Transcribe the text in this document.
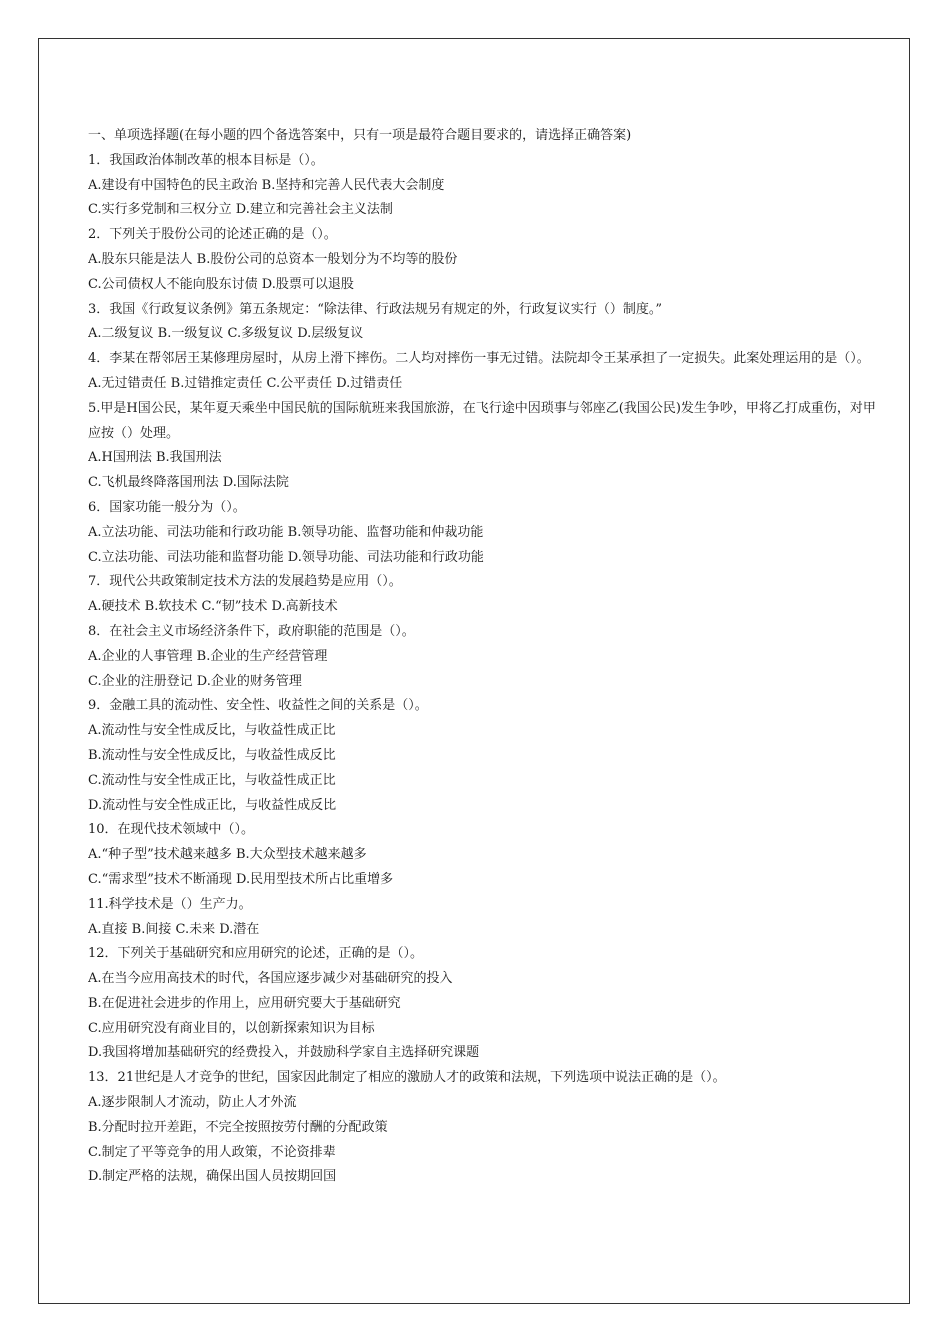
一、单项选择题(在每小题的四个备选答案中，只有一项是最符合题目要求的，请选择正确答案)
1．我国政治体制改革的根本目标是（）。
A.建设有中国特色的民主政治 B.坚持和完善人民代表大会制度
C.实行多党制和三权分立 D.建立和完善社会主义法制
2．下列关于股份公司的论述正确的是（）。
A.股东只能是法人 B.股份公司的总资本一般划分为不均等的股份
C.公司债权人不能向股东讨债 D.股票可以退股
3．我国《行政复议条例》第五条规定：“除法律、行政法规另有规定的外，行政复议实行（）制度。”
A.二级复议 B.一级复议 C.多级复议 D.层级复议
4．李某在帮邻居王某修理房屋时，从房上滑下摔伤。二人均对摔伤一事无过错。法院却令王某承担了一定损失。此案处理运用的是（）。
A.无过错责任 B.过错推定责任 C.公平责任 D.过错责任
5.甲是H国公民，某年夏天乘坐中国民航的国际航班来我国旅游，在飞行途中因琐事与邻座乙(我国公民)发生争吵，甲将乙打成重伤，对甲应按（）处理。
A.H国刑法 B.我国刑法
C.飞机最终降落国刑法 D.国际法院
6．国家功能一般分为（）。
A.立法功能、司法功能和行政功能 B.领导功能、监督功能和仲裁功能
C.立法功能、司法功能和监督功能 D.领导功能、司法功能和行政功能
7．现代公共政策制定技术方法的发展趋势是应用（）。
A.硬技术 B.软技术 C.“韧”技术 D.高新技术
8．在社会主义市场经济条件下，政府职能的范围是（）。
A.企业的人事管理 B.企业的生产经营管理
C.企业的注册登记 D.企业的财务管理
9．金融工具的流动性、安全性、收益性之间的关系是（）。
A.流动性与安全性成反比，与收益性成正比
B.流动性与安全性成反比，与收益性成反比
C.流动性与安全性成正比，与收益性成正比
D.流动性与安全性成正比，与收益性成反比
10．在现代技术领域中（）。
A.“种子型”技术越来越多 B.大众型技术越来越多
C.“需求型”技术不断涌现 D.民用型技术所占比重增多
11.科学技术是（）生产力。
A.直接 B.间接 C.未来 D.潜在
12．下列关于基础研究和应用研究的论述，正确的是（）。
A.在当今应用高技术的时代，各国应逐步减少对基础研究的投入
B.在促进社会进步的作用上，应用研究要大于基础研究
C.应用研究没有商业目的，以创新探索知识为目标
D.我国将增加基础研究的经费投入，并鼓励科学家自主选择研究课题
13．21世纪是人才竞争的世纪，国家因此制定了相应的激励人才的政策和法规，下列选项中说法正确的是（）。
A.逐步限制人才流动，防止人才外流
B.分配时拉开差距，不完全按照按劳付酬的分配政策
C.制定了平等竞争的用人政策，不论资排辈
D.制定严格的法规，确保出国人员按期回国
